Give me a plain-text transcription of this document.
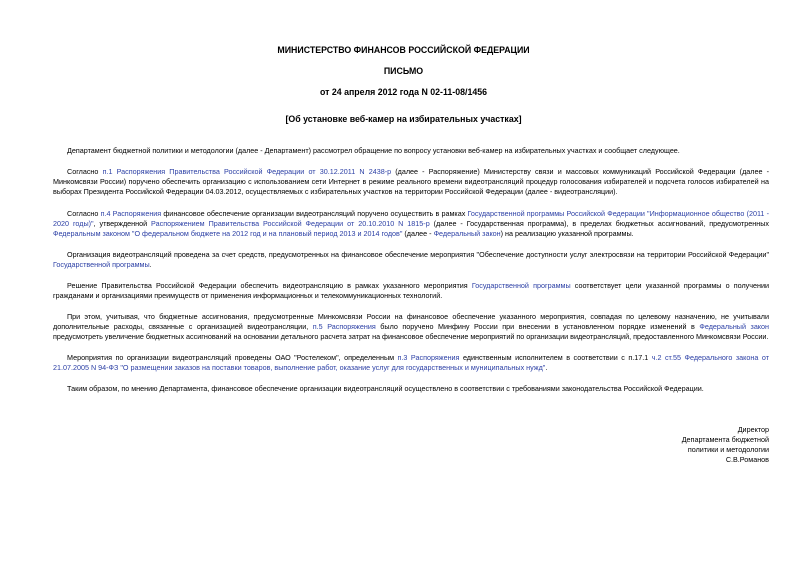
МИНИСТЕРСТВО ФИНАНСОВ РОССИЙСКОЙ ФЕДЕРАЦИИ
ПИСЬМО
от 24 апреля 2012 года N 02-11-08/1456
[Об установке веб-камер на избирательных участках]
Департамент бюджетной политики и методологии (далее - Департамент) рассмотрел обращение по вопросу установки веб-камер на избирательных участках и сообщает следующее.
Согласно п.1 Распоряжения Правительства Российской Федерации от 30.12.2011 N 2438-р (далее - Распоряжение) Министерству связи и массовых коммуникаций Российской Федерации (далее - Минкомсвязи России) поручено обеспечить организацию с использованием сети Интернет в режиме реального времени видеотрансляций процедур голосования избирателей и подсчета голосов избирателей на выборах Президента Российской Федерации 04.03.2012, осуществляемых с избирательных участков на территории Российской Федерации (далее - видеотрансляции).
Согласно п.4 Распоряжения финансовое обеспечение организации видеотрансляций поручено осуществить в рамках Государственной программы Российской Федерации "Информационное общество (2011 - 2020 годы)", утвержденной Распоряжением Правительства Российской Федерации от 20.10.2010 N 1815-р (далее - Государственная программа), в пределах бюджетных ассигнований, предусмотренных Федеральным законом "О федеральном бюджете на 2012 год и на плановый период 2013 и 2014 годов" (далее - Федеральный закон) на реализацию указанной программы.
Организация видеотрансляций проведена за счет средств, предусмотренных на финансовое обеспечение мероприятия "Обеспечение доступности услуг электросвязи на территории Российской Федерации" Государственной программы.
Решение Правительства Российской Федерации обеспечить видеотрансляцию в рамках указанного мероприятия Государственной программы соответствует цели указанной программы о получении гражданами и организациями преимуществ от применения информационных и телекоммуникационных технологий.
При этом, учитывая, что бюджетные ассигнования, предусмотренные Минкомсвязи России на финансовое обеспечение указанного мероприятия, совпадая по целевому назначению, не учитывали дополнительные расходы, связанные с организацией видеотрансляции, п.5 Распоряжения было поручено Минфину России при внесении в установленном порядке изменений в Федеральный закон предусмотреть увеличение бюджетных ассигнований на основании детального расчета затрат на финансовое обеспечение мероприятий по организации видеотрансляций, предоставленного Минкомсвязи России.
Мероприятия по организации видеотрансляций проведены ОАО "Ростелеком", определенным п.3 Распоряжения единственным исполнителем в соответствии с п.17.1 ч.2 ст.55 Федерального закона от 21.07.2005 N 94-ФЗ "О размещении заказов на поставки товаров, выполнение работ, оказание услуг для государственных и муниципальных нужд".
Таким образом, по мнению Департамента, финансовое обеспечение организации видеотрансляций осуществлено в соответствии с требованиями законодательства Российской Федерации.
Директор
Департамента бюджетной
политики и методологии
С.В.Романов
